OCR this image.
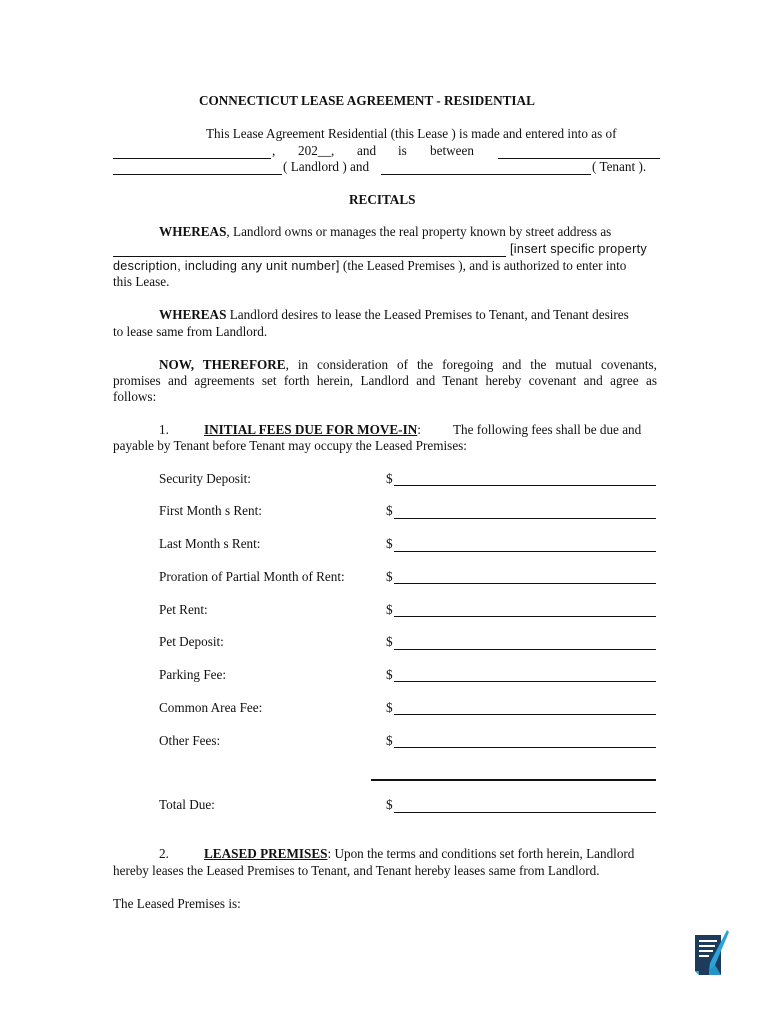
CONNECTICUT LEASE AGREEMENT - RESIDENTIAL
This Lease Agreement Residential (this Lease ) is made and entered into as of
, 202__, and is between
( Landlord ) and	( Tenant ).
RECITALS
WHEREAS, Landlord owns or manages the real property known by street address as
[insert specific property
description, including any unit number] (the Leased Premises ), and is authorized to enter into
this Lease.
WHEREAS Landlord desires to lease the Leased Premises to Tenant, and Tenant desires
to lease same from Landlord.
NOW, THEREFORE, in consideration of the foregoing and the mutual covenants,
promises and agreements set forth herein, Landlord and Tenant hereby covenant and agree as
follows:
1.	INITIAL FEES DUE FOR MOVE-IN: The following fees shall be due and
payable by Tenant before Tenant may occupy the Leased Premises:
Security Deposit:	$
First Month s Rent:	$
Last Month s Rent:	$
Proration of Partial Month of Rent:	$
Pet Rent:	$
Pet Deposit:	$
Parking Fee:	$
Common Area Fee:	$
Other Fees:	$
Total Due:	$
2.	LEASED PREMISES: Upon the terms and conditions set forth herein, Landlord
hereby leases the Leased Premises to Tenant, and Tenant hereby leases same from Landlord.
The Leased Premises is:
